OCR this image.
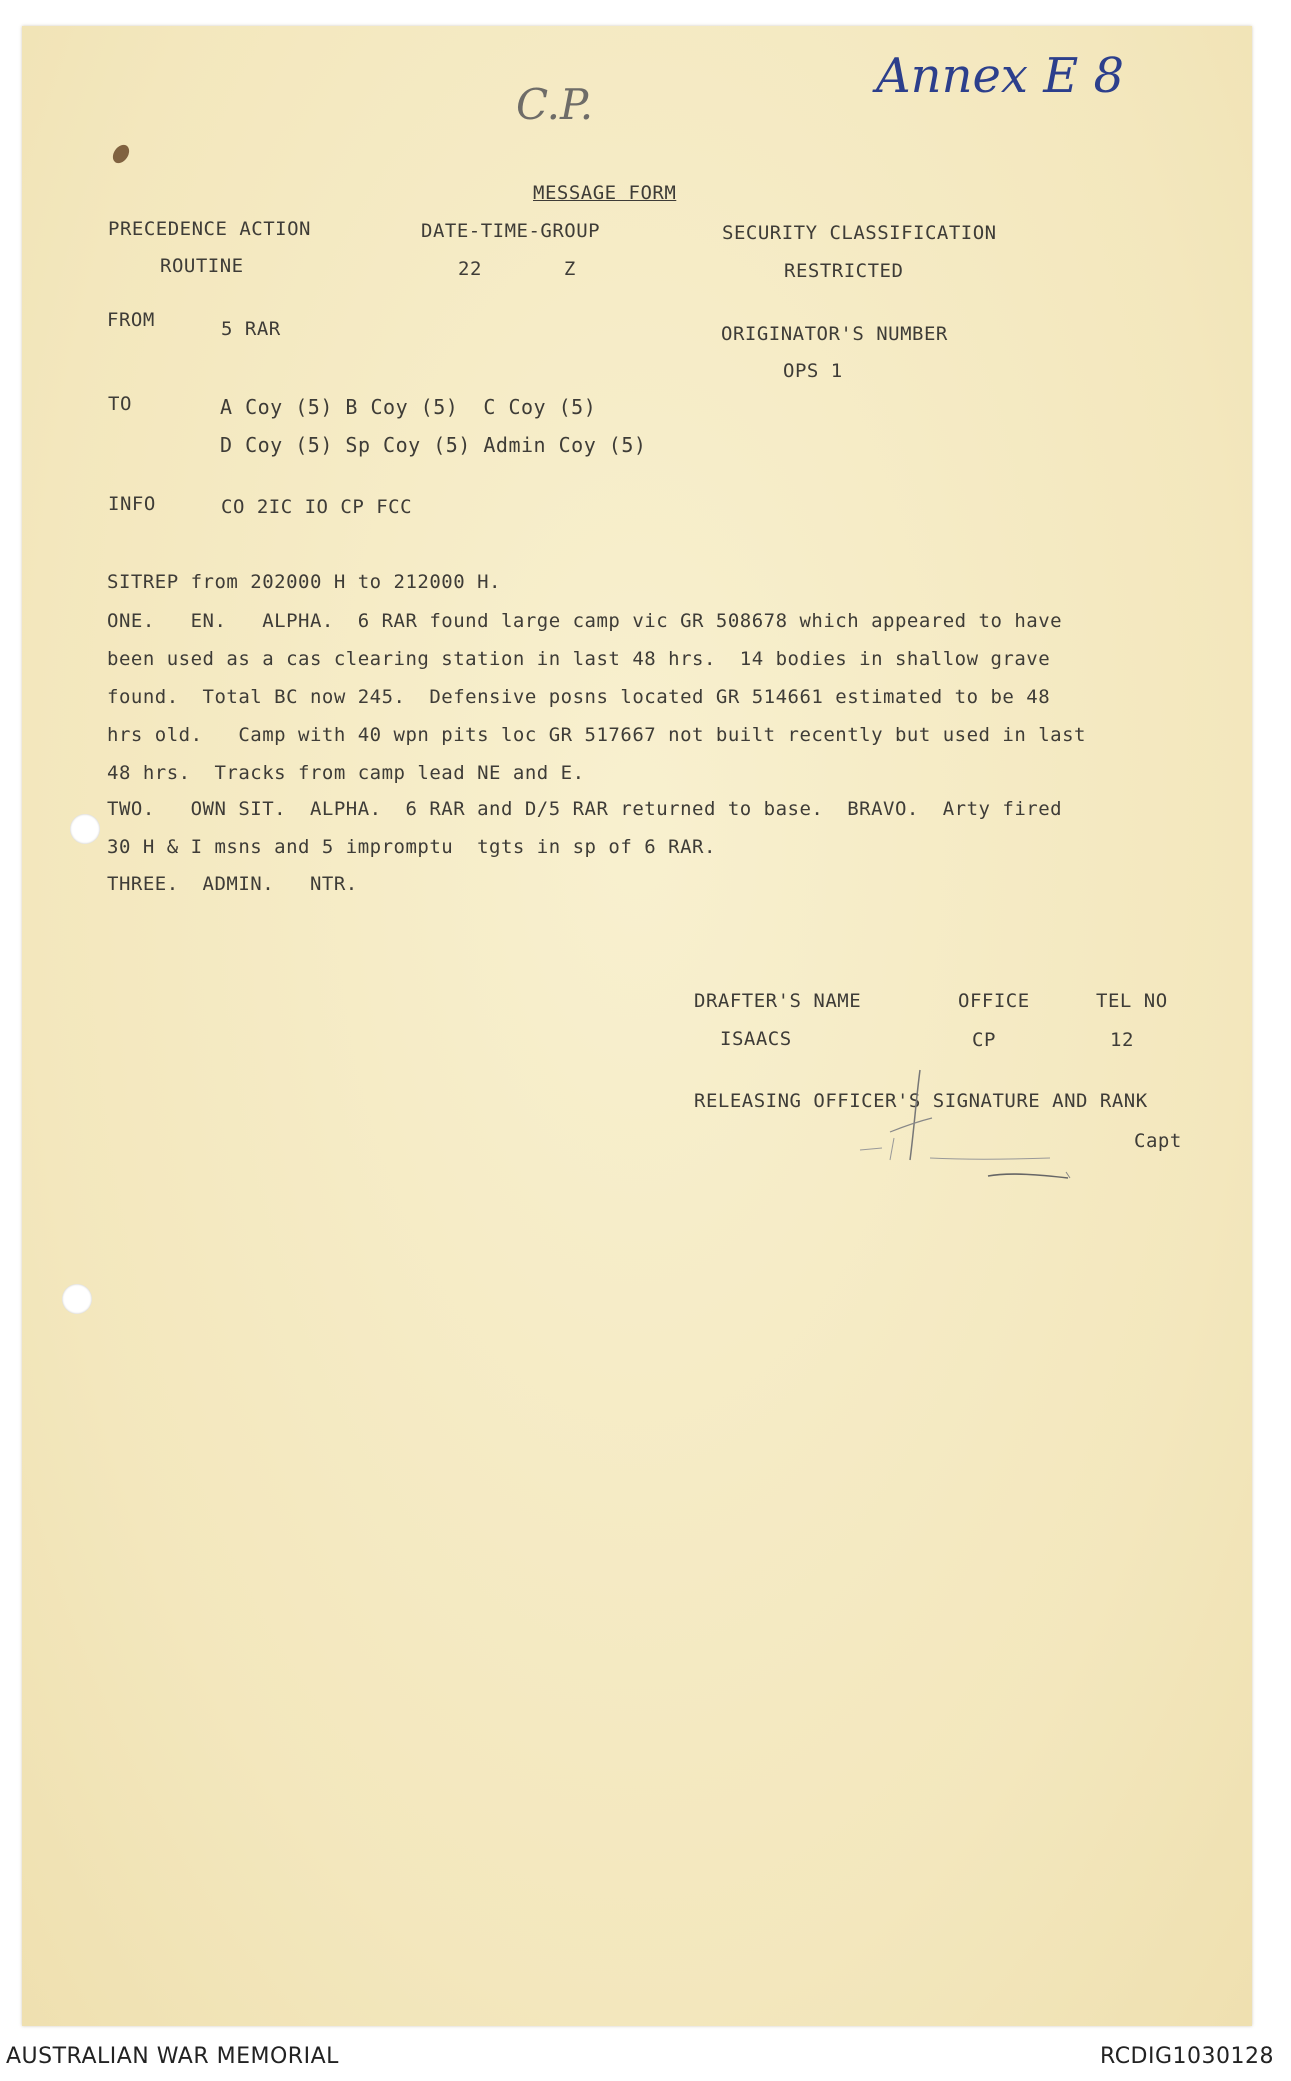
C.P.
Annex E 8
MESSAGE FORM
PRECEDENCE ACTION
ROUTINE
DATE-TIME-GROUP
22 Z
SECURITY CLASSIFICATION
RESTRICTED
FROM	5 RAR	ORIGINATOR'S NUMBER
OPS 1
TO	A Coy (5) B Coy (5)  C Coy (5)
D Coy (5) Sp Coy (5) Admin Coy (5)
INFO	CO 2IC IO CP FCC
SITREP from 202000 H to 212000 H.
ONE.   EN.   ALPHA.  6 RAR found large camp vic GR 508678 which appeared to have
been used as a cas clearing station in last 48 hrs.  14 bodies in shallow grave
found.  Total BC now 245.  Defensive posns located GR 514661 estimated to be 48
hrs old.   Camp with 40 wpn pits loc GR 517667 not built recently but used in last
48 hrs.  Tracks from camp lead NE and E.
TWO.   OWN SIT.  ALPHA.  6 RAR and D/5 RAR returned to base.  BRAVO.  Arty fired
30 H & I msns and 5 impromptu  tgts in sp of 6 RAR.
THREE.  ADMIN.   NTR.
DRAFTER'S NAME
ISAACS
OFFICE
CP
TEL NO
12
RELEASING OFFICER'S SIGNATURE AND RANK
Capt
AUSTRALIAN WAR MEMORIAL	RCDIG1030128
